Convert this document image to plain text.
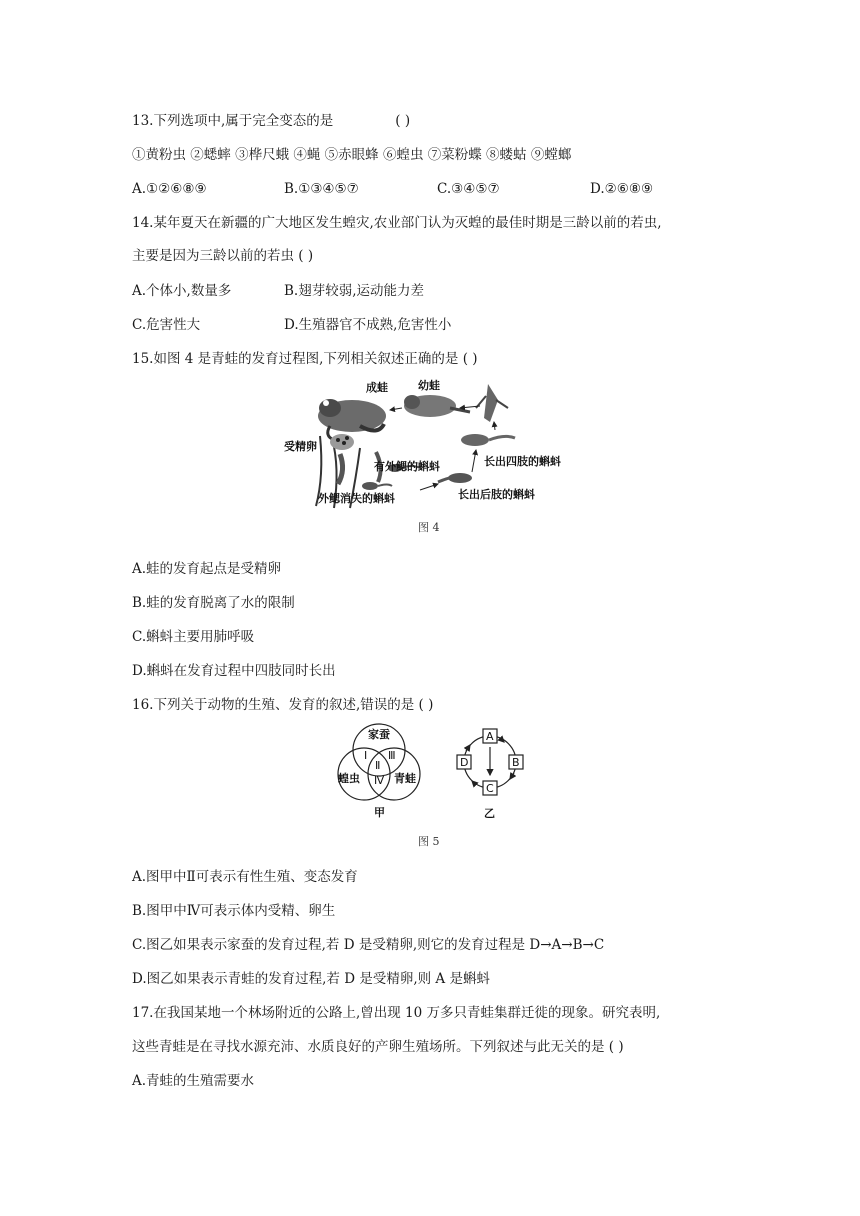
13.下列选项中,属于完全变态的是	( )
①黄粉虫 ②蟋蟀 ③桦尺蛾 ④蝇 ⑤赤眼蜂 ⑥蝗虫 ⑦菜粉蝶 ⑧蝼蛄 ⑨螳螂
A.①②⑥⑧⑨	B.①③④⑤⑦	C.③④⑤⑦	D.②⑥⑧⑨
14.某年夏天在新疆的广大地区发生蝗灾,农业部门认为灭蝗的最佳时期是三龄以前的若虫,
主要是因为三龄以前的若虫 ( )
A.个体小,数量多	B.翅芽较弱,运动能力差
C.危害性大	D.生殖器官不成熟,危害性小
15.如图 4 是青蛙的发育过程图,下列相关叙述正确的是 ( )
成蛙	幼蛙
受精卵
有外鳃的蝌蚪	长出四肢的蝌蚪
外鳃消失的蝌蚪	长出后肢的蝌蚪
图 4
A.蛙的发育起点是受精卵
B.蛙的发育脱离了水的限制
C.蝌蚪主要用肺呼吸
D.蝌蚪在发育过程中四肢同时长出
16.下列关于动物的生殖、发育的叙述,错误的是 ( )
家蚕
蝗虫	青蛙
Ⅰ
Ⅱ
Ⅲ
Ⅳ
甲
A
B
C
D
乙
图 5
A.图甲中Ⅱ可表示有性生殖、变态发育
B.图甲中Ⅳ可表示体内受精、卵生
C.图乙如果表示家蚕的发育过程,若 D 是受精卵,则它的发育过程是 D→A→B→C
D.图乙如果表示青蛙的发育过程,若 D 是受精卵,则 A 是蝌蚪
17.在我国某地一个林场附近的公路上,曾出现 10 万多只青蛙集群迁徙的现象。研究表明,
这些青蛙是在寻找水源充沛、水质良好的产卵生殖场所。下列叙述与此无关的是 ( )
A.青蛙的生殖需要水
